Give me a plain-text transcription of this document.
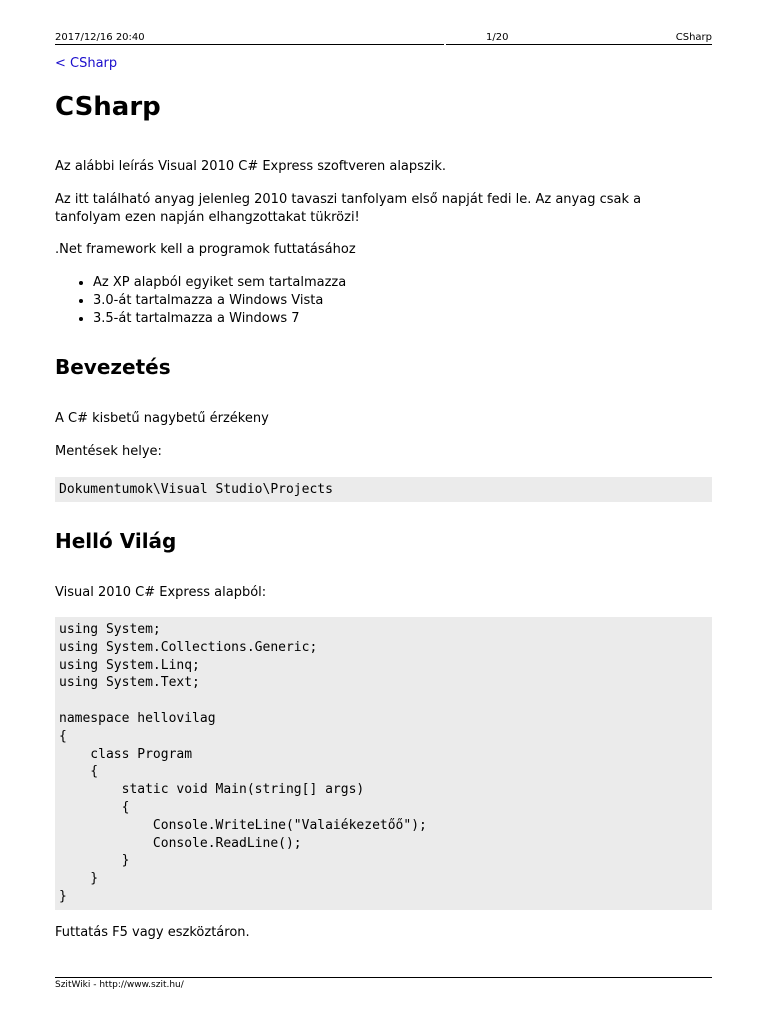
2017/12/16 20:40	1/20	CSharp
< CSharp
CSharp

Az alábbi leírás Visual 2010 C# Express szoftveren alapszik.

Az itt található anyag jelenleg 2010 tavaszi tanfolyam első napját fedi le. Az anyag csak a tanfolyam ezen napján elhangzottakat tükrözi!

.Net framework kell a programok futtatásához

• Az XP alapból egyiket sem tartalmazza
• 3.0-át tartalmazza a Windows Vista
• 3.5-át tartalmazza a Windows 7
Bevezetés

A C# kisbetű nagybetű érzékeny

Mentések helye:

Dokumentumok\Visual Studio\Projects
Helló Világ

Visual 2010 C# Express alapból:

using System;
using System.Collections.Generic;
using System.Linq;
using System.Text;

namespace hellovilag
{
class Program
{
static void Main(string[] args)
{
Console.WriteLine("Valaiékezetőő");
Console.ReadLine();
}
}
}

Futtatás F5 vagy eszköztáron.

SzitWiki - http://www.szit.hu/
